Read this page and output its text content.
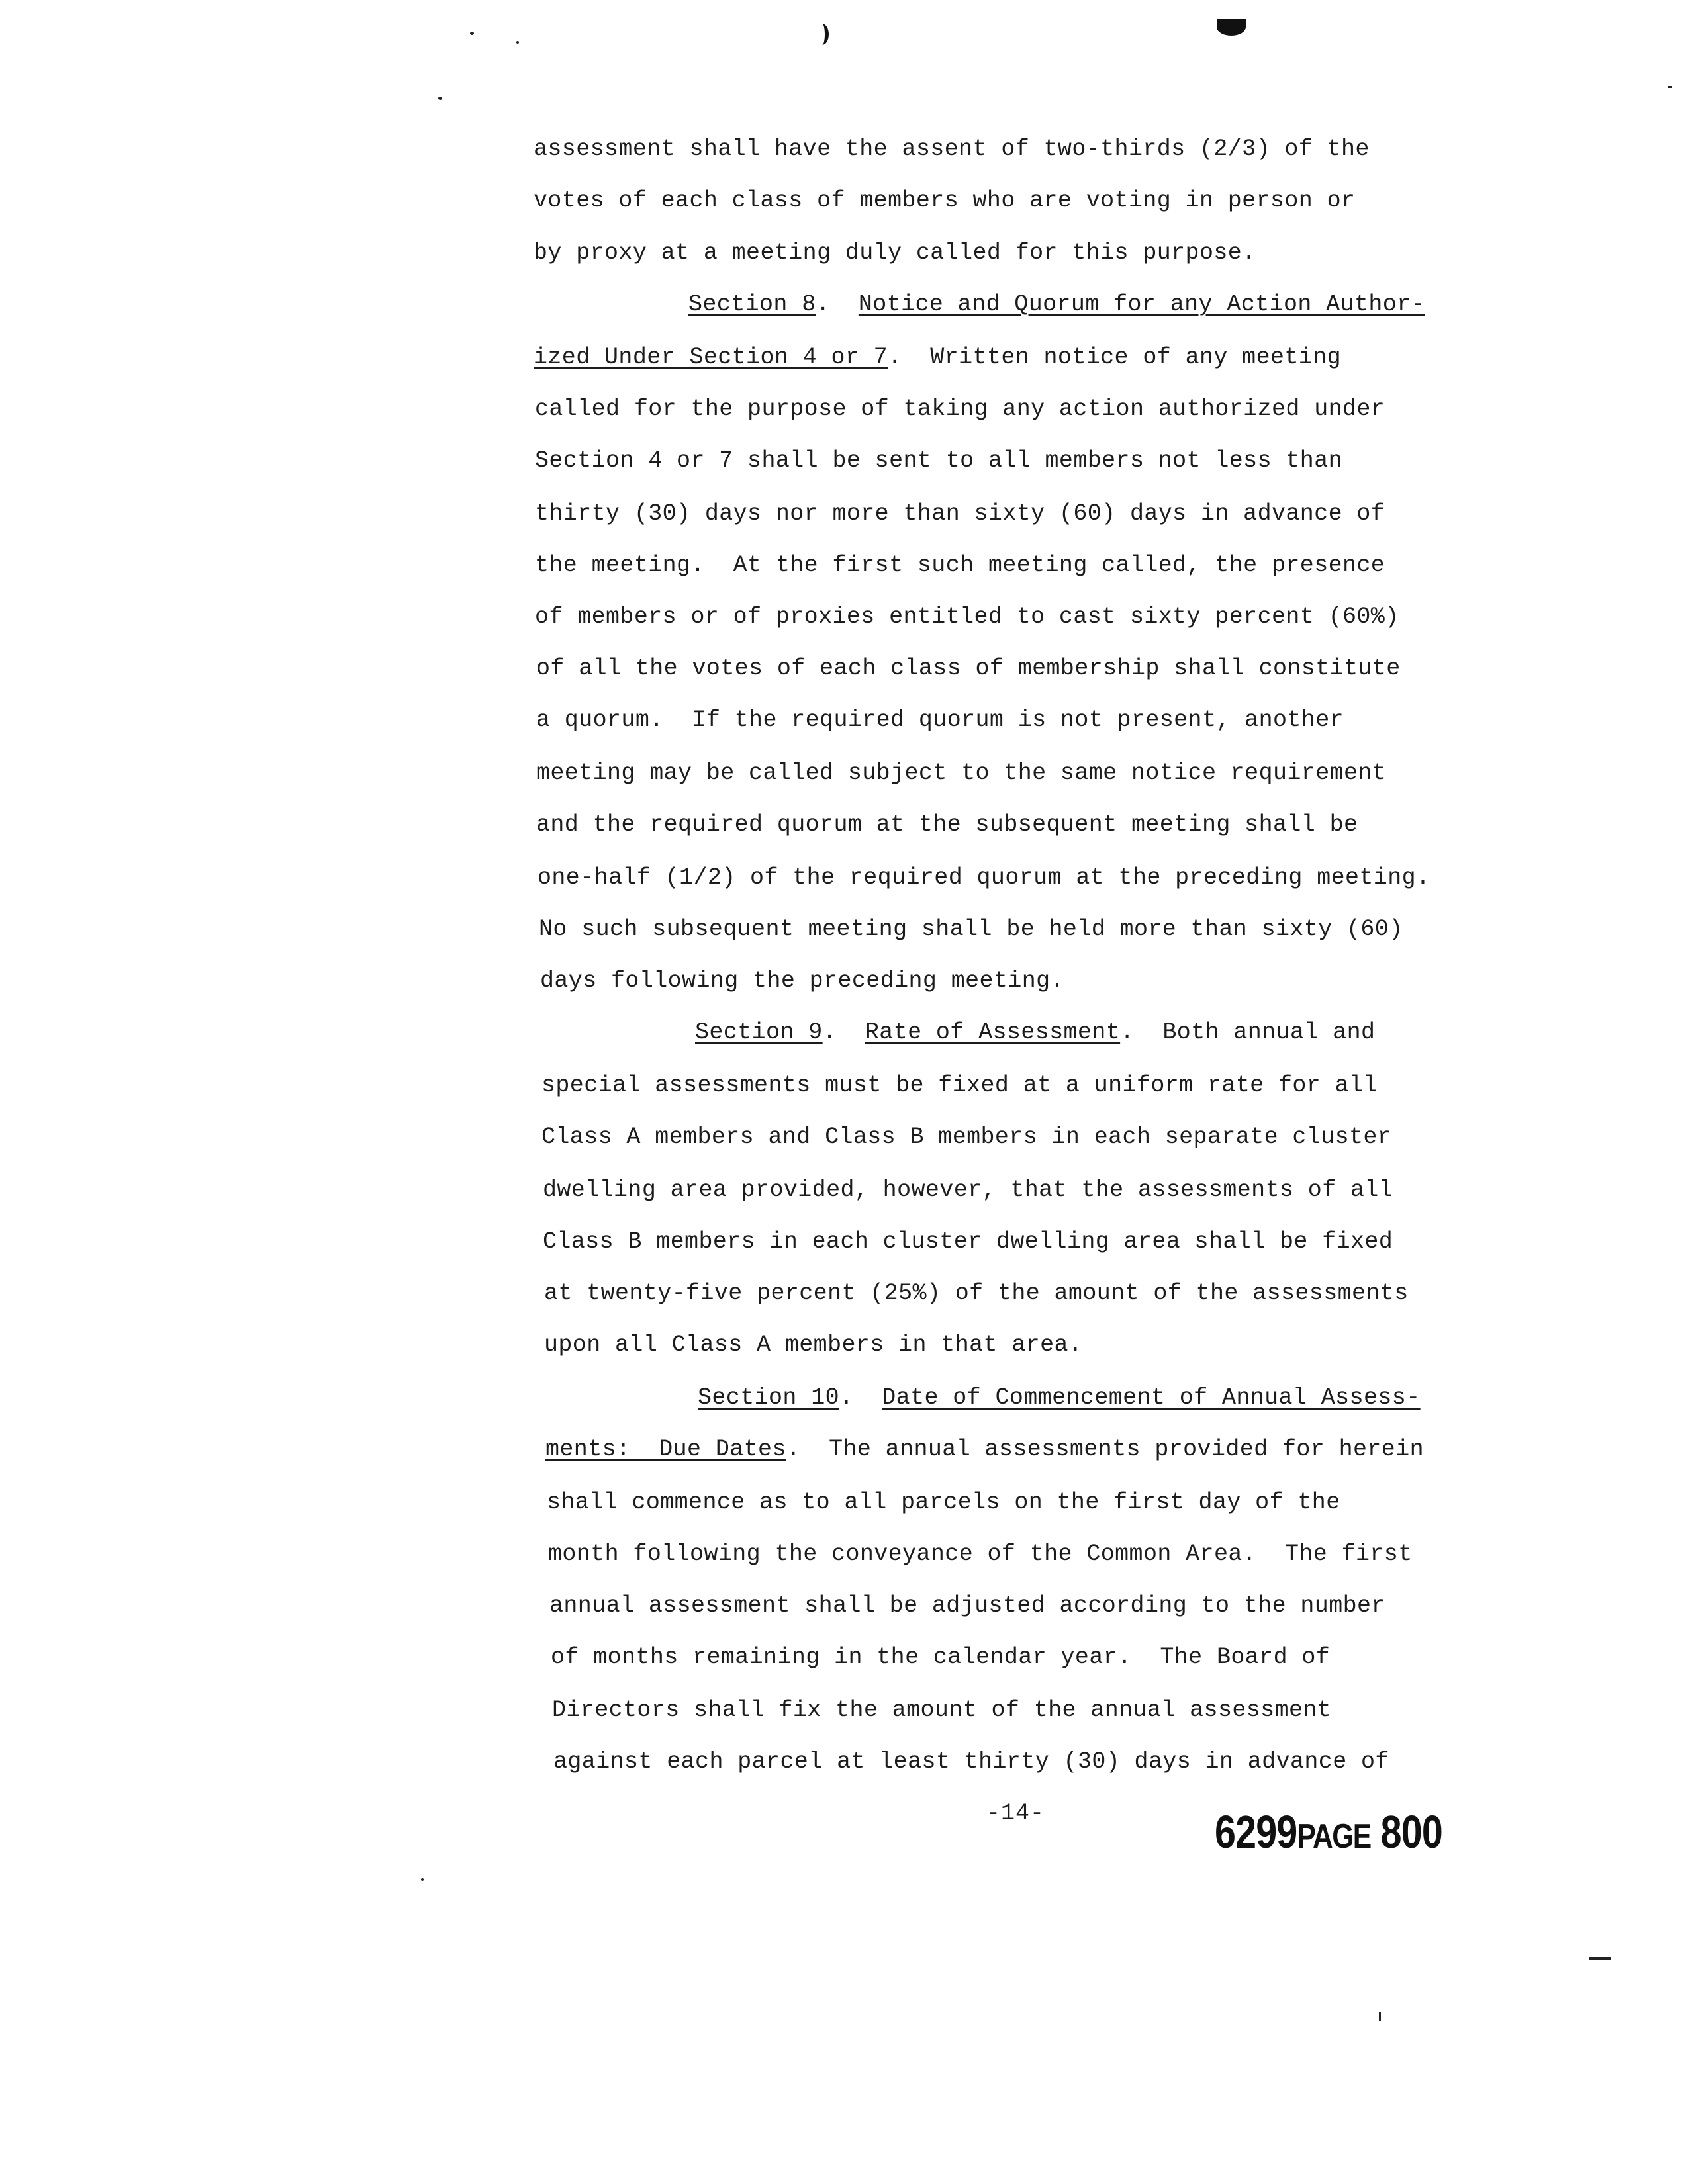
assessment shall have the assent of two-thirds (2/3) of the
votes of each class of members who are voting in person or
by proxy at a meeting duly called for this purpose.
Section 8.  Notice and Quorum for any Action Author-
ized Under Section 4 or 7.  Written notice of any meeting
called for the purpose of taking any action authorized under
Section 4 or 7 shall be sent to all members not less than
thirty (30) days nor more than sixty (60) days in advance of
the meeting.  At the first such meeting called, the presence
of members or of proxies entitled to cast sixty percent (60%)
of all the votes of each class of membership shall constitute
a quorum.  If the required quorum is not present, another
meeting may be called subject to the same notice requirement
and the required quorum at the subsequent meeting shall be
one-half (1/2) of the required quorum at the preceding meeting.
No such subsequent meeting shall be held more than sixty (60)
days following the preceding meeting.
Section 9.  Rate of Assessment.  Both annual and
special assessments must be fixed at a uniform rate for all
Class A members and Class B members in each separate cluster
dwelling area provided, however, that the assessments of all
Class B members in each cluster dwelling area shall be fixed
at twenty-five percent (25%) of the amount of the assessments
upon all Class A members in that area.
Section 10.  Date of Commencement of Annual Assess-
ments:  Due Dates.  The annual assessments provided for herein
shall commence as to all parcels on the first day of the
month following the conveyance of the Common Area.  The first
annual assessment shall be adjusted according to the number
of months remaining in the calendar year.  The Board of
Directors shall fix the amount of the annual assessment
against each parcel at least thirty (30) days in advance of
-14-	6299PAGE 800
